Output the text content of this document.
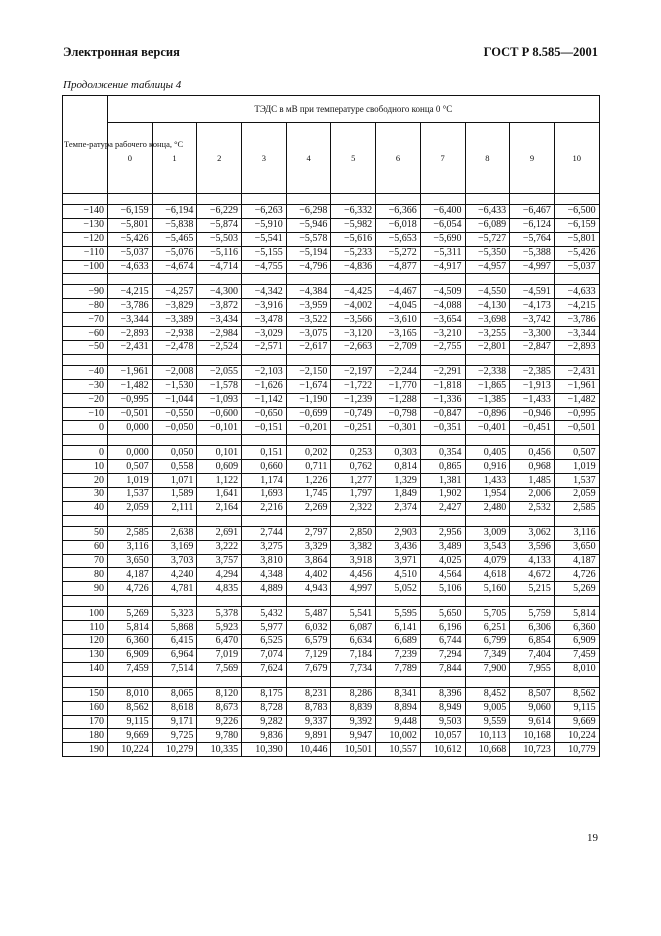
Электронная версия	ГОСТ Р 8.585—2001
Продолжение таблицы 4
Темпе-ратура рабочего конца, °С	ТЭДС в мВ при температуре свободного конца 0 °С										
	0	1	2	3	4	5	6	7	8	9	10

−140	−6,159	−6,194	−6,229	−6,263	−6,298	−6,332	−6,366	−6,400	−6,433	−6,467	−6,500
−130	−5,801	−5,838	−5,874	−5,910	−5,946	−5,982	−6,018	−6,054	−6,089	−6,124	−6,159
−120	−5,426	−5,465	−5,503	−5,541	−5,578	−5,616	−5,653	−5,690	−5,727	−5,764	−5,801
−110	−5,037	−5,076	−5,116	−5,155	−5,194	−5,233	−5,272	−5,311	−5,350	−5,388	−5,426
−100	−4,633	−4,674	−4,714	−4,755	−4,796	−4,836	−4,877	−4,917	−4,957	−4,997	−5,037

−90	−4,215	−4,257	−4,300	−4,342	−4,384	−4,425	−4,467	−4,509	−4,550	−4,591	−4,633
−80	−3,786	−3,829	−3,872	−3,916	−3,959	−4,002	−4,045	−4,088	−4,130	−4,173	−4,215
−70	−3,344	−3,389	−3,434	−3,478	−3,522	−3,566	−3,610	−3,654	−3,698	−3,742	−3,786
−60	−2,893	−2,938	−2,984	−3,029	−3,075	−3,120	−3,165	−3,210	−3,255	−3,300	−3,344
−50	−2,431	−2,478	−2,524	−2,571	−2,617	−2,663	−2,709	−2,755	−2,801	−2,847	−2,893

−40	−1,961	−2,008	−2,055	−2,103	−2,150	−2,197	−2,244	−2,291	−2,338	−2,385	−2,431
−30	−1,482	−1,530	−1,578	−1,626	−1,674	−1,722	−1,770	−1,818	−1,865	−1,913	−1,961
−20	−0,995	−1,044	−1,093	−1,142	−1,190	−1,239	−1,288	−1,336	−1,385	−1,433	−1,482
−10	−0,501	−0,550	−0,600	−0,650	−0,699	−0,749	−0,798	−0,847	−0,896	−0,946	−0,995
0	0,000	−0,050	−0,101	−0,151	−0,201	−0,251	−0,301	−0,351	−0,401	−0,451	−0,501

0	0,000	0,050	0,101	0,151	0,202	0,253	0,303	0,354	0,405	0,456	0,507
10	0,507	0,558	0,609	0,660	0,711	0,762	0,814	0,865	0,916	0,968	1,019
20	1,019	1,071	1,122	1,174	1,226	1,277	1,329	1,381	1,433	1,485	1,537
30	1,537	1,589	1,641	1,693	1,745	1,797	1,849	1,902	1,954	2,006	2,059
40	2,059	2,111	2,164	2,216	2,269	2,322	2,374	2,427	2,480	2,532	2,585

50	2,585	2,638	2,691	2,744	2,797	2,850	2,903	2,956	3,009	3,062	3,116
60	3,116	3,169	3,222	3,275	3,329	3,382	3,436	3,489	3,543	3,596	3,650
70	3,650	3,703	3,757	3,810	3,864	3,918	3,971	4,025	4,079	4,133	4,187
80	4,187	4,240	4,294	4,348	4,402	4,456	4,510	4,564	4,618	4,672	4,726
90	4,726	4,781	4,835	4,889	4,943	4,997	5,052	5,106	5,160	5,215	5,269

100	5,269	5,323	5,378	5,432	5,487	5,541	5,595	5,650	5,705	5,759	5,814
110	5,814	5,868	5,923	5,977	6,032	6,087	6,141	6,196	6,251	6,306	6,360
120	6,360	6,415	6,470	6,525	6,579	6,634	6,689	6,744	6,799	6,854	6,909
130	6,909	6,964	7,019	7,074	7,129	7,184	7,239	7,294	7,349	7,404	7,459
140	7,459	7,514	7,569	7,624	7,679	7,734	7,789	7,844	7,900	7,955	8,010

150	8,010	8,065	8,120	8,175	8,231	8,286	8,341	8,396	8,452	8,507	8,562
160	8,562	8,618	8,673	8,728	8,783	8,839	8,894	8,949	9,005	9,060	9,115
170	9,115	9,171	9,226	9,282	9,337	9,392	9,448	9,503	9,559	9,614	9,669
180	9,669	9,725	9,780	9,836	9,891	9,947	10,002	10,057	10,113	10,168	10,224
190	10,224	10,279	10,335	10,390	10,446	10,501	10,557	10,612	10,668	10,723	10,779
19
